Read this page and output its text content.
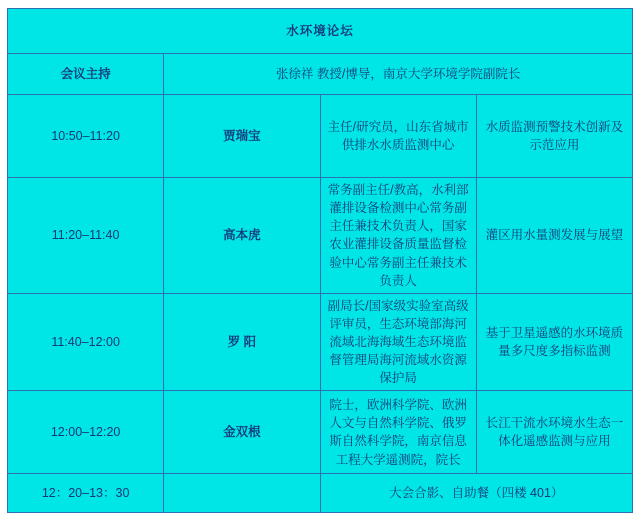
水环境论坛			
会议主持	张徐祥 教授/博导，南京大学环境学院副院长		
10:50–11:20	贾瑞宝	主任/研究员，山东省城市供排水水质监测中心	水质监测预警技术创新及示范应用
11:20–11:40	高本虎	常务副主任/教高，水利部灌排设备检测中心常务副主任兼技术负责人，国家农业灌排设备质量监督检验中心常务副主任兼技术负责人	灌区用水量测发展与展望
11:40–12:00	罗 阳	副局长/国家级实验室高级评审员，生态环境部海河流域北海海域生态环境监督管理局海河流域水资源保护局	基于卫星遥感的水环境质量多尺度多指标监测
12:00–12:20	金双根	院士，欧洲科学院、欧洲人文与自然科学院、俄罗斯自然科学院，南京信息工程大学遥测院，院长	长江干流水环境水生态一体化遥感监测与应用
12：20–13：30		大会合影、自助餐（四楼 401）	
